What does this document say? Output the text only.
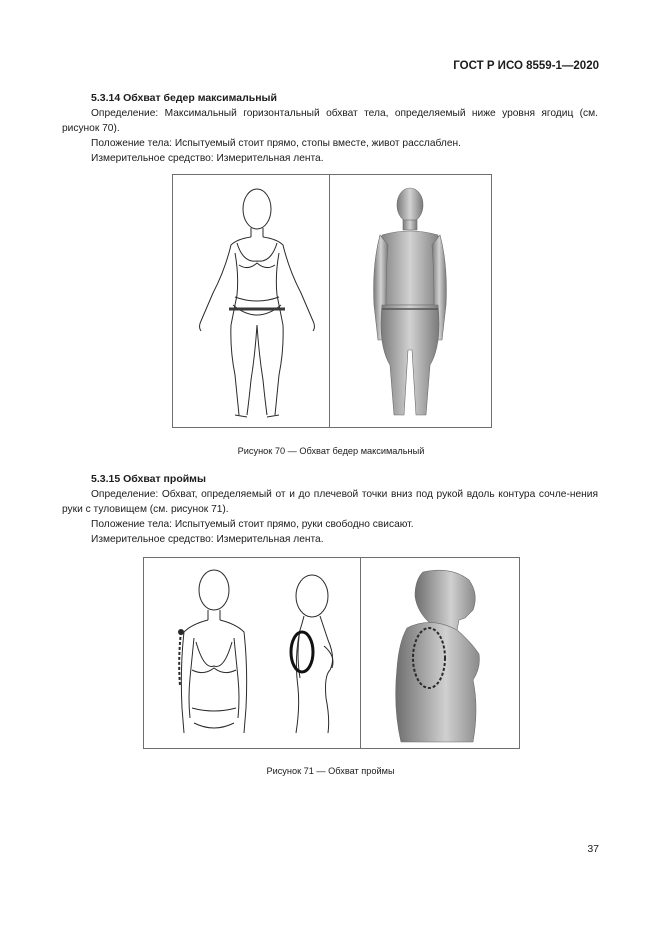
ГОСТ Р ИСО 8559-1—2020
5.3.14 Обхват бедер максимальный

Определение: Максимальный горизонтальный обхват тела, определяемый ниже уровня ягодиц (см. рисунок 70).

Положение тела: Испытуемый стоит прямо, стопы вместе, живот расслаблен.

Измерительное средство: Измерительная лента.

Рисунок 70 — Обхват бедер максимальный
5.3.15 Обхват проймы

Определение: Обхват, определяемый от и до плечевой точки вниз под рукой вдоль контура сочле-нения руки с туловищем (см. рисунок 71).

Положение тела: Испытуемый стоит прямо, руки свободно свисают.

Измерительное средство: Измерительная лента.

Рисунок 71 — Обхват проймы
37
